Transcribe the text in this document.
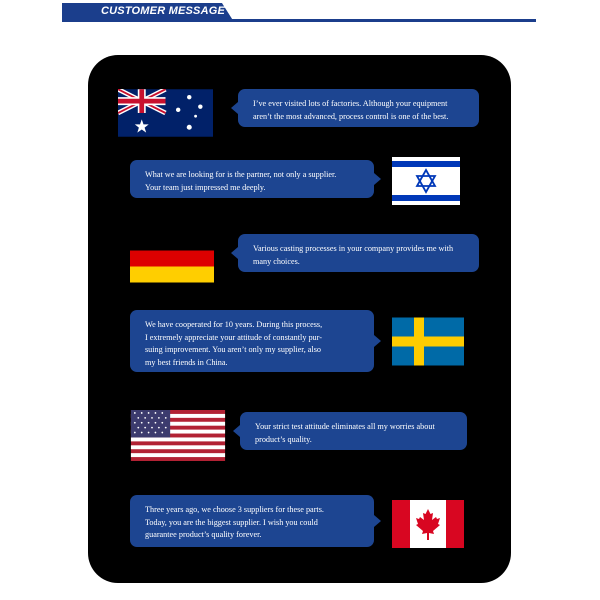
CUSTOMER MESSAGE
I’ve ever visited lots of factories. Although your equipment
aren’t the most advanced, process control is one of the best.
What we are looking for is the partner, not only a supplier.
Your team just impressed me deeply.
Various casting processes in your company provides me with
many choices.
We have cooperated for 10 years. During this process,
I extremely appreciate your attitude of constantly pur-
suing improvement. You aren’t only my supplier, also
my best friends in China.
Your strict test attitude eliminates all my worries about
product’s quality.
Three years ago, we choose 3 suppliers for these parts.
Today, you are the biggest supplier. I wish you could
guarantee product’s quality forever.
